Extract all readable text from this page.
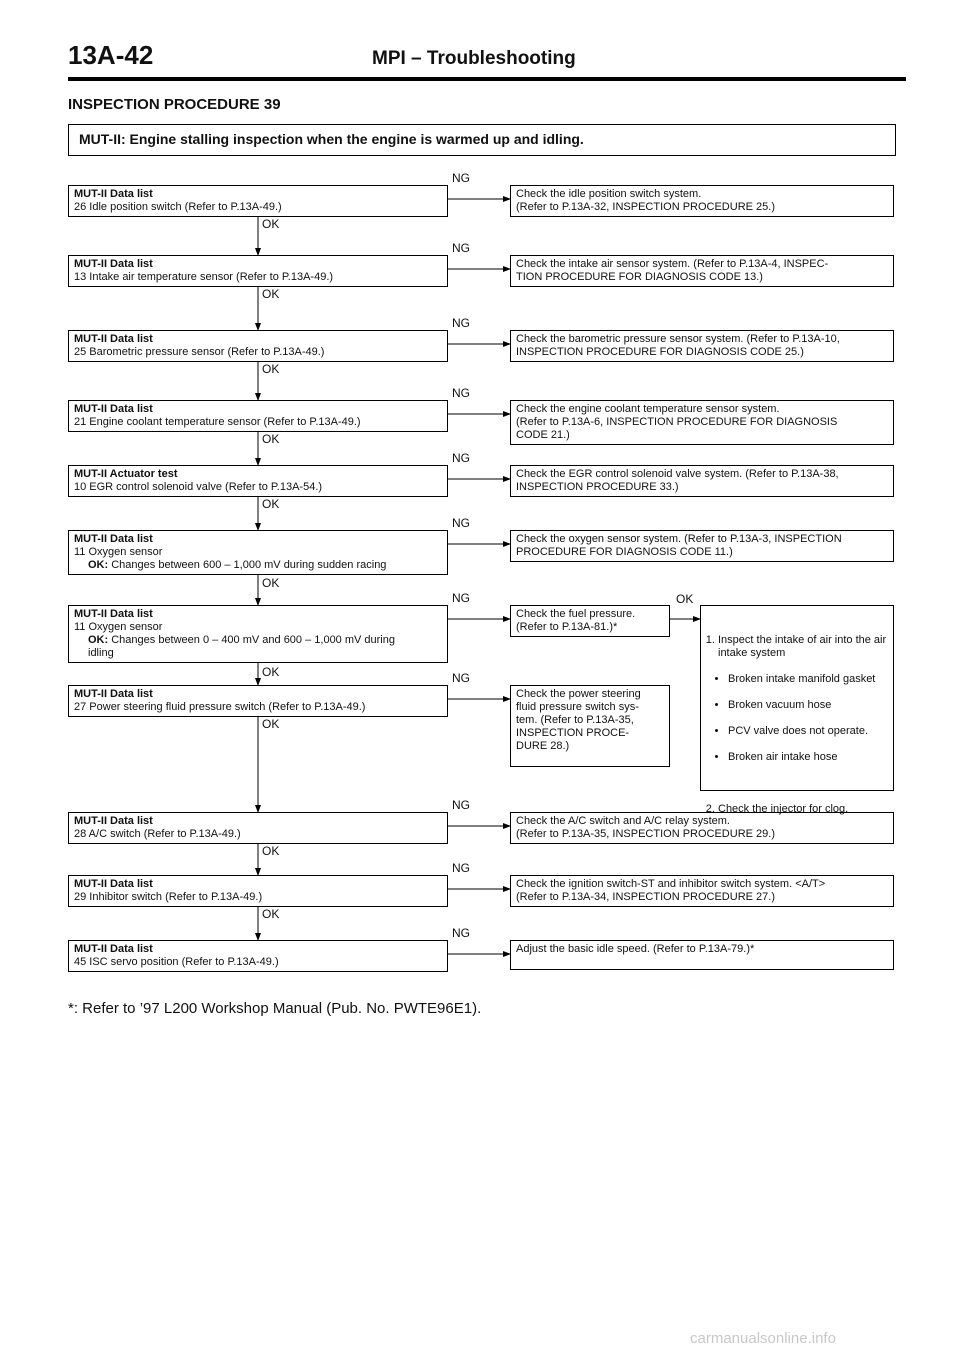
13A-42	MPI – Troubleshooting
INSPECTION PROCEDURE 39
MUT-II: Engine stalling inspection when the engine is warmed up and idling.
MUT-II Data list
26 Idle position switch (Refer to P.13A-49.)
Check the idle position switch system.
(Refer to P.13A-32, INSPECTION PROCEDURE 25.)
NG
OK
MUT-II Data list
13 Intake air temperature sensor (Refer to P.13A-49.)
Check the intake air sensor system. (Refer to P.13A-4, INSPEC-
TION PROCEDURE FOR DIAGNOSIS CODE 13.)
NG
OK
MUT-II Data list
25 Barometric pressure sensor (Refer to P.13A-49.)
Check the barometric pressure sensor system. (Refer to P.13A-10,
INSPECTION PROCEDURE FOR DIAGNOSIS CODE 25.)
NG
OK
MUT-II Data list
21 Engine coolant temperature sensor (Refer to P.13A-49.)
Check the engine coolant temperature sensor system.
(Refer to P.13A-6, INSPECTION PROCEDURE FOR DIAGNOSIS
CODE 21.)
NG
OK
MUT-II Actuator test
10 EGR control solenoid valve (Refer to P.13A-54.)
Check the EGR control solenoid valve system. (Refer to P.13A-38,
INSPECTION PROCEDURE 33.)
NG
OK
MUT-II Data list
11 Oxygen sensor
OK: Changes between 600 – 1,000 mV during sudden racing
Check the oxygen sensor system. (Refer to P.13A-3, INSPECTION
PROCEDURE FOR DIAGNOSIS CODE 11.)
NG
OK
MUT-II Data list
11 Oxygen sensor
OK: Changes between 0 – 400 mV and 600 – 1,000 mV during
idling
Check the fuel pressure.
(Refer to P.13A-81.)*
NG
OK
MUT-II Data list
27 Power steering fluid pressure switch (Refer to P.13A-49.)
Check the power steering
fluid pressure switch sys-
tem. (Refer to P.13A-35,
INSPECTION PROCE-
DURE 28.)
NG
OK
MUT-II Data list
28 A/C switch (Refer to P.13A-49.)
Check the A/C switch and A/C relay system.
(Refer to P.13A-35, INSPECTION PROCEDURE 29.)
NG
OK
MUT-II Data list
29 Inhibitor switch (Refer to P.13A-49.)
Check the ignition switch-ST and inhibitor switch system. <A/T>
(Refer to P.13A-34, INSPECTION PROCEDURE 27.)
NG
OK
MUT-II Data list
45 ISC servo position (Refer to P.13A-49.)
Adjust the basic idle speed. (Refer to P.13A-79.)*
NG
OK

1. Inspect the intake of air into the air intake system

• Broken intake manifold gasket

• Broken vacuum hose

• PCV valve does not operate.

• Broken air intake hose

2. Check the injector for clog.

*: Refer to ’97 L200 Workshop Manual (Pub. No. PWTE96E1).
carmanualsonline.info
